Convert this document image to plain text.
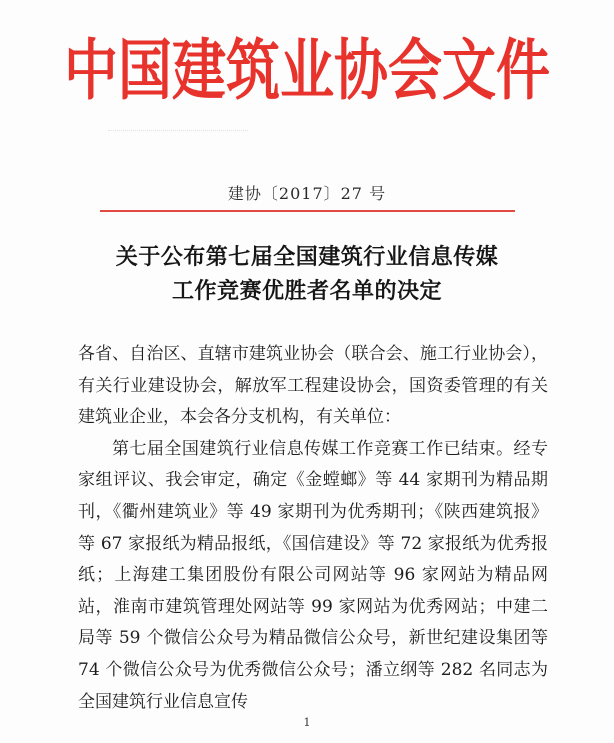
中国建筑业协会文件
建协〔2017〕27 号
关于公布第七届全国建筑行业信息传媒
工作竞赛优胜者名单的决定

各省、自治区、直辖市建筑业协会（联合会、施工行业协会），有关行业建设协会，解放军工程建设协会，国资委管理的有关建筑业企业，本会各分支机构，有关单位：

第七届全国建筑行业信息传媒工作竞赛工作已结束。经专家组评议、我会审定，确定《金螳螂》等 44 家期刊为精品期刊，《衢州建筑业》等 49 家期刊为优秀期刊；《陕西建筑报》等 67 家报纸为精品报纸，《国信建设》等 72 家报纸为优秀报纸；上海建工集团股份有限公司网站等 96 家网站为精品网站，淮南市建筑管理处网站等 99 家网站为优秀网站；中建二局等 59 个微信公众号为精品微信公众号，新世纪建设集团等 74 个微信公众号为优秀微信公众号；潘立纲等 282 名同志为全国建筑行业信息宣传

1
